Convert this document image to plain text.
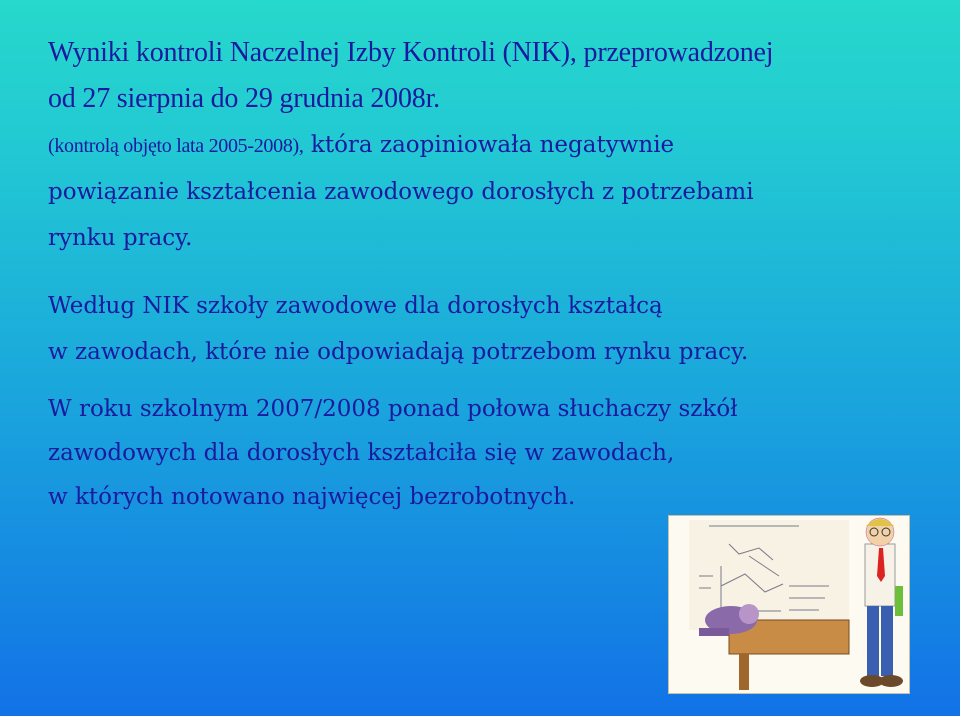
Wyniki kontroli Naczelnej Izby Kontroli (NIK), przeprowadzonej
od 27 sierpnia do 29 grudnia 2008r.

(kontrolą objęto lata 2005-2008), która zaopiniowała negatywnie
powiązanie kształcenia zawodowego dorosłych z potrzebami
rynku pracy.

Według NIK szkoły zawodowe dla dorosłych kształcą
w zawodach, które nie odpowiadają potrzebom rynku pracy.

W roku szkolnym 2007/2008 ponad połowa słuchaczy szkół
zawodowych dla dorosłych kształciła się w zawodach,
w których notowano najwięcej bezrobotnych.
